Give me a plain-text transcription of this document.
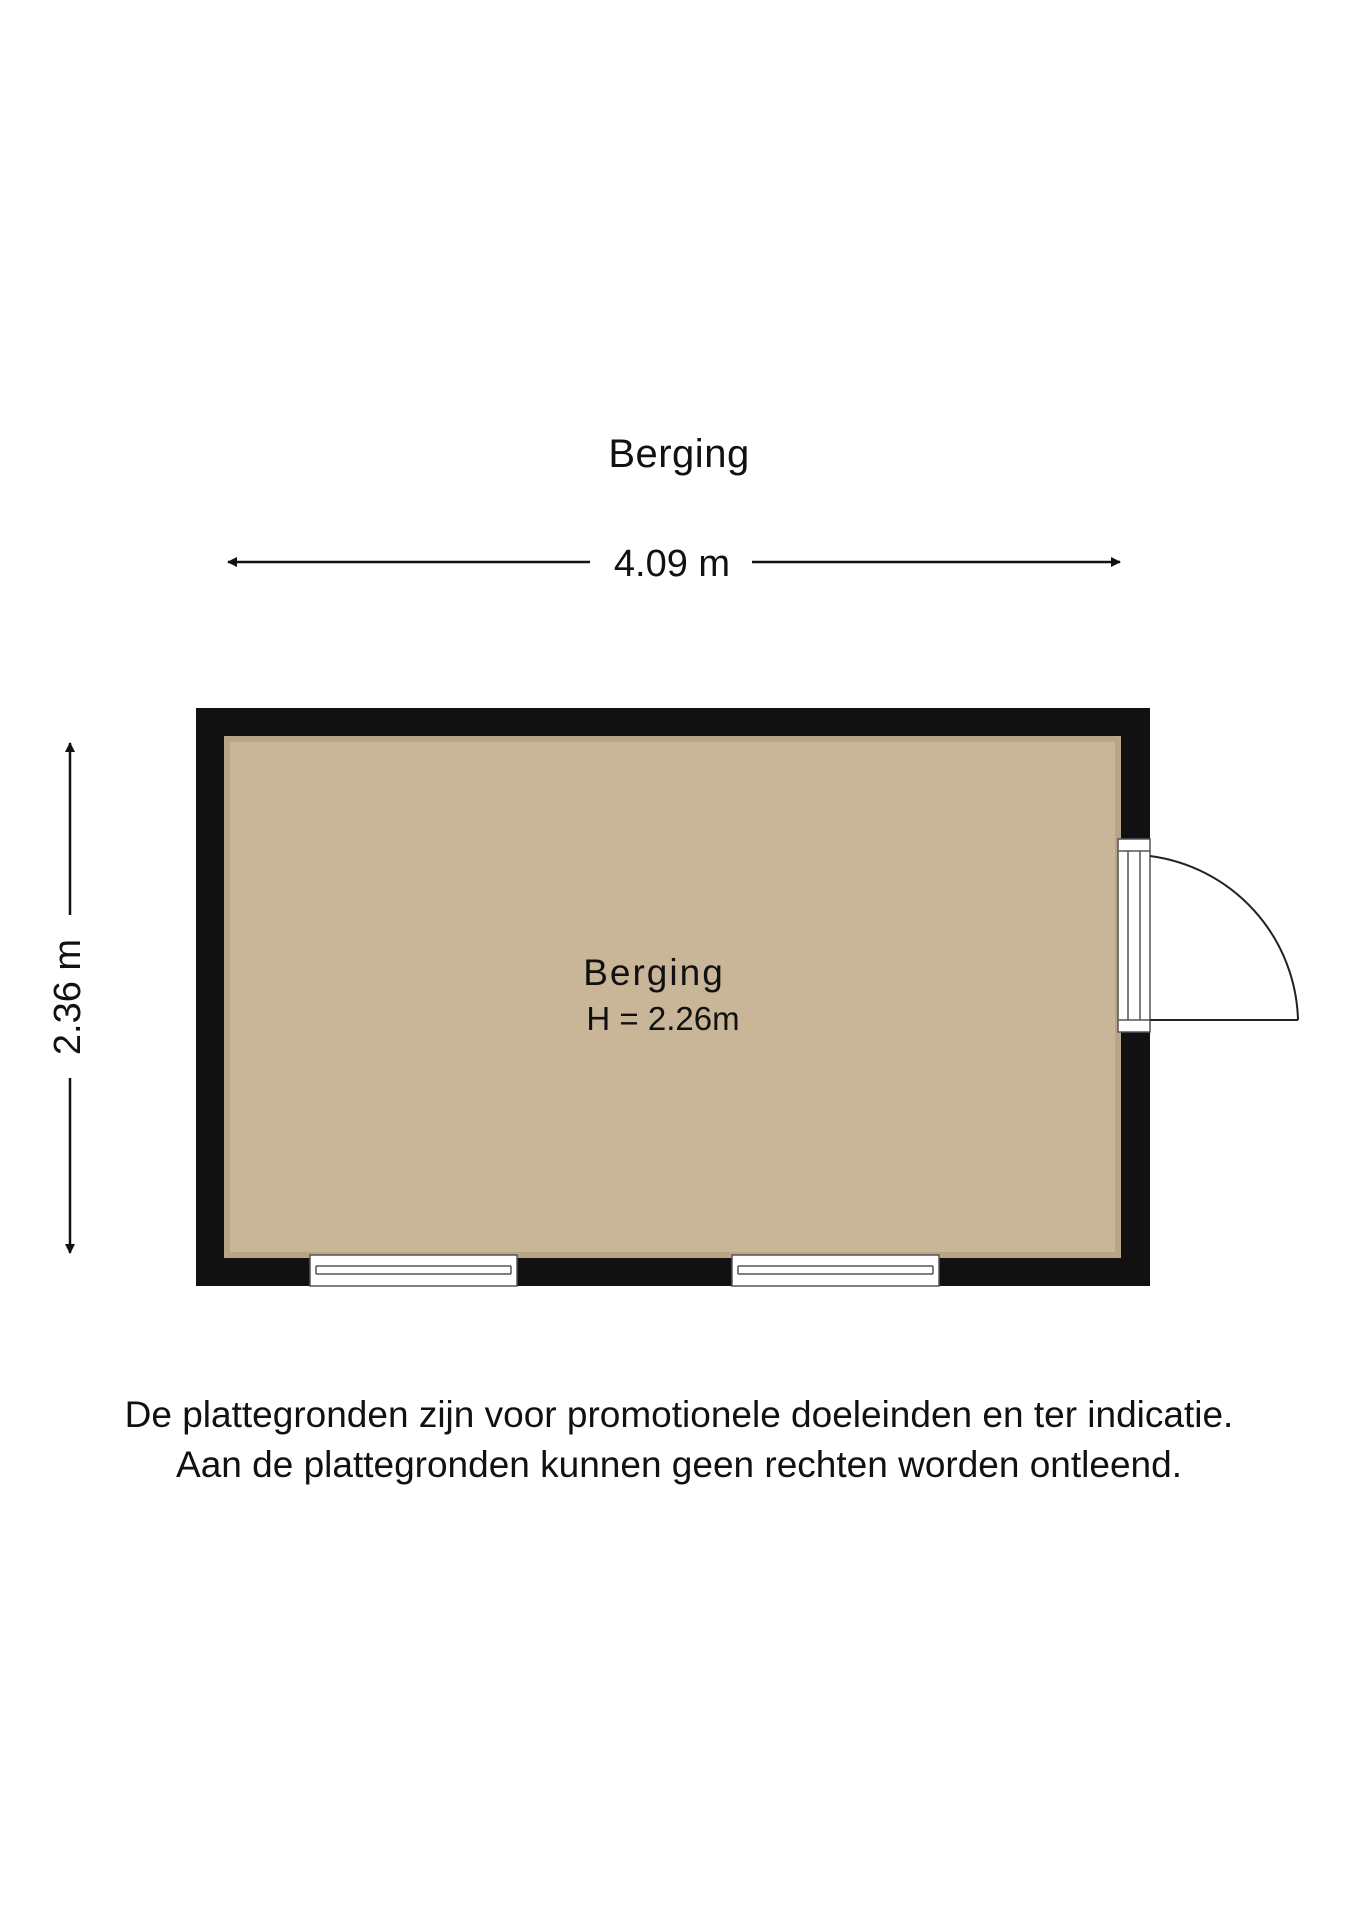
Berging
4.09 m
2.36 m	Berging
H = 2.26m
De plattegronden zijn voor promotionele doeleinden en ter indicatie.
Aan de plattegronden kunnen geen rechten worden ontleend.
